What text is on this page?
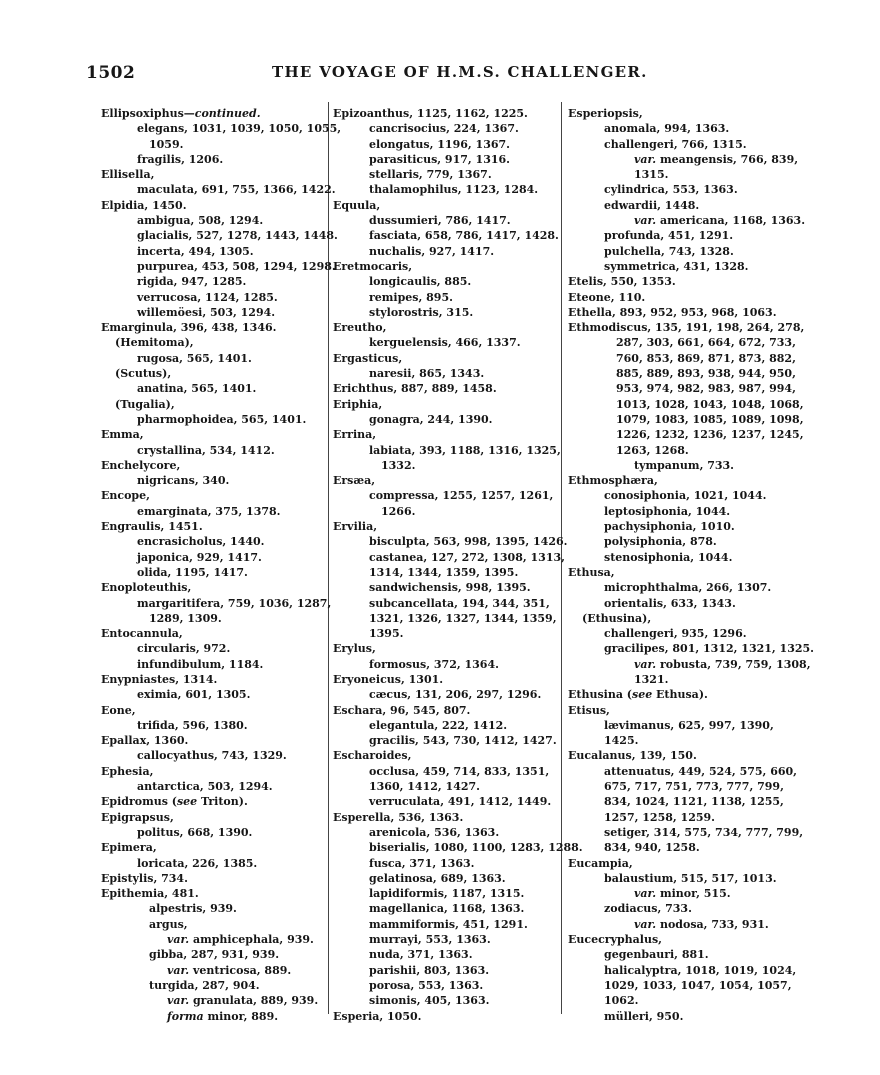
1502	THE VOYAGE OF H.M.S. CHALLENGER.
Ellipsoxiphus—continued.
elegans, 1031, 1039, 1050, 1055,
1059.
fragilis, 1206.
Ellisella,
maculata, 691, 755, 1366, 1422.
Elpidia, 1450.
ambigua, 508, 1294.
glacialis, 527, 1278, 1443, 1448.
incerta, 494, 1305.
purpurea, 453, 508, 1294, 1298.
rigida, 947, 1285.
verrucosa, 1124, 1285.
willemöesi, 503, 1294.
Emarginula, 396, 438, 1346.
(Hemitoma),
rugosa, 565, 1401.
(Scutus),
anatina, 565, 1401.
(Tugalia),
pharmophoidea, 565, 1401.
Emma,
crystallina, 534, 1412.
Enchelycore,
nigricans, 340.
Encope,
emarginata, 375, 1378.
Engraulis, 1451.
encrasicholus, 1440.
japonica, 929, 1417.
olida, 1195, 1417.
Enoploteuthis,
margaritifera, 759, 1036, 1287,
1289, 1309.
Entocannula,
circularis, 972.
infundibulum, 1184.
Enypniastes, 1314.
eximia, 601, 1305.
Eone,
trifida, 596, 1380.
Epallax, 1360.
callocyathus, 743, 1329.
Ephesia,
antarctica, 503, 1294.
Epidromus (see Triton).
Epigrapsus,
politus, 668, 1390.
Epimera,
loricata, 226, 1385.
Epistylis, 734.
Epithemia, 481.
alpestris, 939.
argus,
var. amphicephala, 939.
gibba, 287, 931, 939.
var. ventricosa, 889.
turgida, 287, 904.
var. granulata, 889, 939.
forma minor, 889.
Epizoanthus, 1125, 1162, 1225.
cancrisocius, 224, 1367.
elongatus, 1196, 1367.
parasiticus, 917, 1316.
stellaris, 779, 1367.
thalamophilus, 1123, 1284.
Equula,
dussumieri, 786, 1417.
fasciata, 658, 786, 1417, 1428.
nuchalis, 927, 1417.
Eretmocaris,
longicaulis, 885.
remipes, 895.
stylorostris, 315.
Ereutho,
kerguelensis, 466, 1337.
Ergasticus,
naresii, 865, 1343.
Erichthus, 887, 889, 1458.
Eriphia,
gonagra, 244, 1390.
Errina,
labiata, 393, 1188, 1316, 1325,
1332.
Ersæa,
compressa, 1255, 1257, 1261,
1266.
Ervilia,
bisculpta, 563, 998, 1395, 1426.
castanea, 127, 272, 1308, 1313,
1314, 1344, 1359, 1395.
sandwichensis, 998, 1395.
subcancellata, 194, 344, 351,
1321, 1326, 1327, 1344, 1359,
1395.
Erylus,
formosus, 372, 1364.
Eryoneicus, 1301.
cæcus, 131, 206, 297, 1296.
Eschara, 96, 545, 807.
elegantula, 222, 1412.
gracilis, 543, 730, 1412, 1427.
Escharoides,
occlusa, 459, 714, 833, 1351,
1360, 1412, 1427.
verruculata, 491, 1412, 1449.
Esperella, 536, 1363.
arenicola, 536, 1363.
biserialis, 1080, 1100, 1283, 1288.
fusca, 371, 1363.
gelatinosa, 689, 1363.
lapidiformis, 1187, 1315.
magellanica, 1168, 1363.
mammiformis, 451, 1291.
murrayi, 553, 1363.
nuda, 371, 1363.
parishii, 803, 1363.
porosa, 553, 1363.
simonis, 405, 1363.
Esperia, 1050.
Esperiopsis,
anomala, 994, 1363.
challengeri, 766, 1315.
var. meangensis, 766, 839,
1315.
cylindrica, 553, 1363.
edwardii, 1448.
var. americana, 1168, 1363.
profunda, 451, 1291.
pulchella, 743, 1328.
symmetrica, 431, 1328.
Etelis, 550, 1353.
Eteone, 110.
Ethella, 893, 952, 953, 968, 1063.
Ethmodiscus, 135, 191, 198, 264, 278,
287, 303, 661, 664, 672, 733,
760, 853, 869, 871, 873, 882,
885, 889, 893, 938, 944, 950,
953, 974, 982, 983, 987, 994,
1013, 1028, 1043, 1048, 1068,
1079, 1083, 1085, 1089, 1098,
1226, 1232, 1236, 1237, 1245,
1263, 1268.
tympanum, 733.
Ethmosphæra,
conosiphonia, 1021, 1044.
leptosiphonia, 1044.
pachysiphonia, 1010.
polysiphonia, 878.
stenosiphonia, 1044.
Ethusa,
microphthalma, 266, 1307.
orientalis, 633, 1343.
(Ethusina),
challengeri, 935, 1296.
gracilipes, 801, 1312, 1321, 1325.
var. robusta, 739, 759, 1308,
1321.
Ethusina (see Ethusa).
Etisus,
lævimanus, 625, 997, 1390,
1425.
Eucalanus, 139, 150.
attenuatus, 449, 524, 575, 660,
675, 717, 751, 773, 777, 799,
834, 1024, 1121, 1138, 1255,
1257, 1258, 1259.
setiger, 314, 575, 734, 777, 799,
834, 940, 1258.
Eucampia,
balaustium, 515, 517, 1013.
var. minor, 515.
zodiacus, 733.
var. nodosa, 733, 931.
Eucecryphalus,
gegenbauri, 881.
halicalyptra, 1018, 1019, 1024,
1029, 1033, 1047, 1054, 1057,
1062.
mülleri, 950.
